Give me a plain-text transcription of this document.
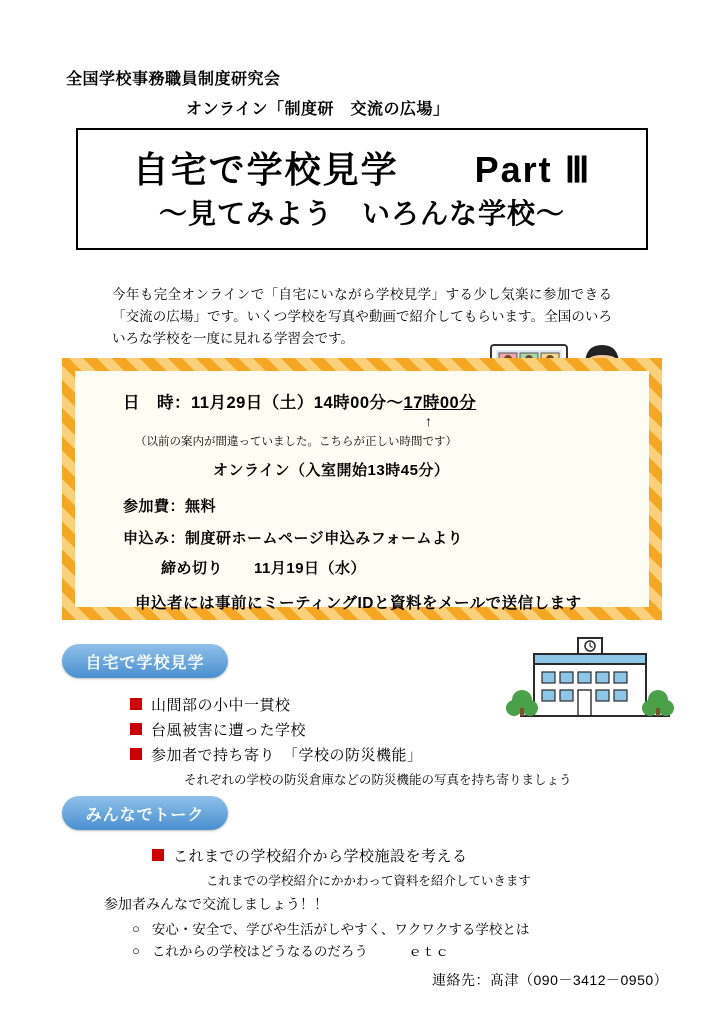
全国学校事務職員制度研究会
オンライン「制度研　交流の広場」
自宅で学校見学　　Part Ⅲ
～見てみよう　いろんな学校～
今年も完全オンラインで「自宅にいながら学校見学」する少し気楽に参加できる「交流の広場」です。いくつ学校を写真や動画で紹介してもらいます。全国のいろいろな学校を一度に見れる学習会です。
日　時：11月29日（土）14時00分～17時00分
↑
（以前の案内が間違っていました。こちらが正しい時間です）
オンライン（入室開始13時45分）
参加費：無料
申込み：制度研ホームページ申込みフォームより
締め切り　　11月19日（水）
申込者には事前にミーティングIDと資料をメールで送信します
自宅で学校見学
山間部の小中一貫校
台風被害に遭った学校
参加者で持ち寄り　「学校の防災機能」
それぞれの学校の防災倉庫などの防災機能の写真を持ち寄りましょう
みんなでトーク
これまでの学校紹介から学校施設を考える
これまでの学校紹介にかかわって資料を紹介していきます
参加者みんなで交流しましょう！！
○ 安心・安全で、学びや生活がしやすく、ワクワクする学校とは
○ これからの学校はどうなるのだろう　　　ｅｔｃ
連絡先：髙津（090－3412－0950）
